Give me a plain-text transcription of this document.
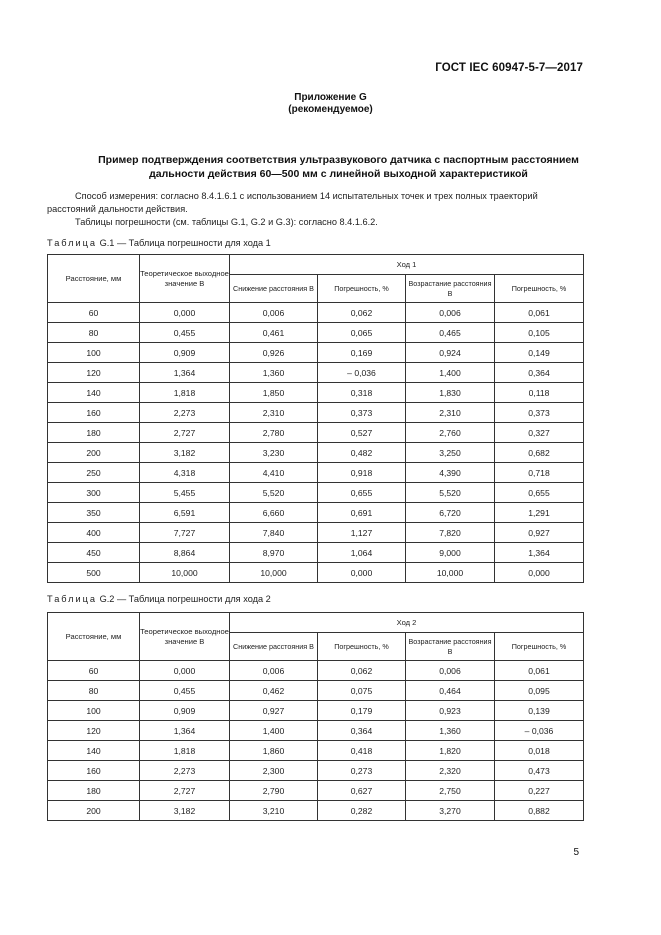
ГОСТ IEC 60947-5-7—2017
Приложение G
(рекомендуемое)
Пример подтверждения соответствия ультразвукового датчика с паспортным расстоянием
дальности действия 60—500 мм с линейной выходной характеристикой
Способ измерения: согласно 8.4.1.6.1 с использованием 14 испытательных точек и трех полных траекторий
расстояний дальности действия.
Таблицы погрешности (см. таблицы G.1, G.2 и G.3): согласно 8.4.1.6.2.
Таблица G.1 — Таблица погрешности для хода 1
Расстояние, мм	Теоретическое выходное значение В	Ход 1			
		Снижение расстояния В	Погрешность, %	Возрастание расстояния В	Погрешность, %
60	0,000	0,006	0,062	0,006	0,061
80	0,455	0,461	0,065	0,465	0,105
100	0,909	0,926	0,169	0,924	0,149
120	1,364	1,360	– 0,036	1,400	0,364
140	1,818	1,850	0,318	1,830	0,118
160	2,273	2,310	0,373	2,310	0,373
180	2,727	2,780	0,527	2,760	0,327
200	3,182	3,230	0,482	3,250	0,682
250	4,318	4,410	0,918	4,390	0,718
300	5,455	5,520	0,655	5,520	0,655
350	6,591	6,660	0,691	6,720	1,291
400	7,727	7,840	1,127	7,820	0,927
450	8,864	8,970	1,064	9,000	1,364
500	10,000	10,000	0,000	10,000	0,000
Таблица G.2 — Таблица погрешности для хода 2
Расстояние, мм	Теоретическое выходное значение В	Ход 2			
		Снижение расстояния В	Погрешность, %	Возрастание расстояния В	Погрешность, %
60	0,000	0,006	0,062	0,006	0,061
80	0,455	0,462	0,075	0,464	0,095
100	0,909	0,927	0,179	0,923	0,139
120	1,364	1,400	0,364	1,360	– 0,036
140	1,818	1,860	0,418	1,820	0,018
160	2,273	2,300	0,273	2,320	0,473
180	2,727	2,790	0,627	2,750	0,227
200	3,182	3,210	0,282	3,270	0,882
5
